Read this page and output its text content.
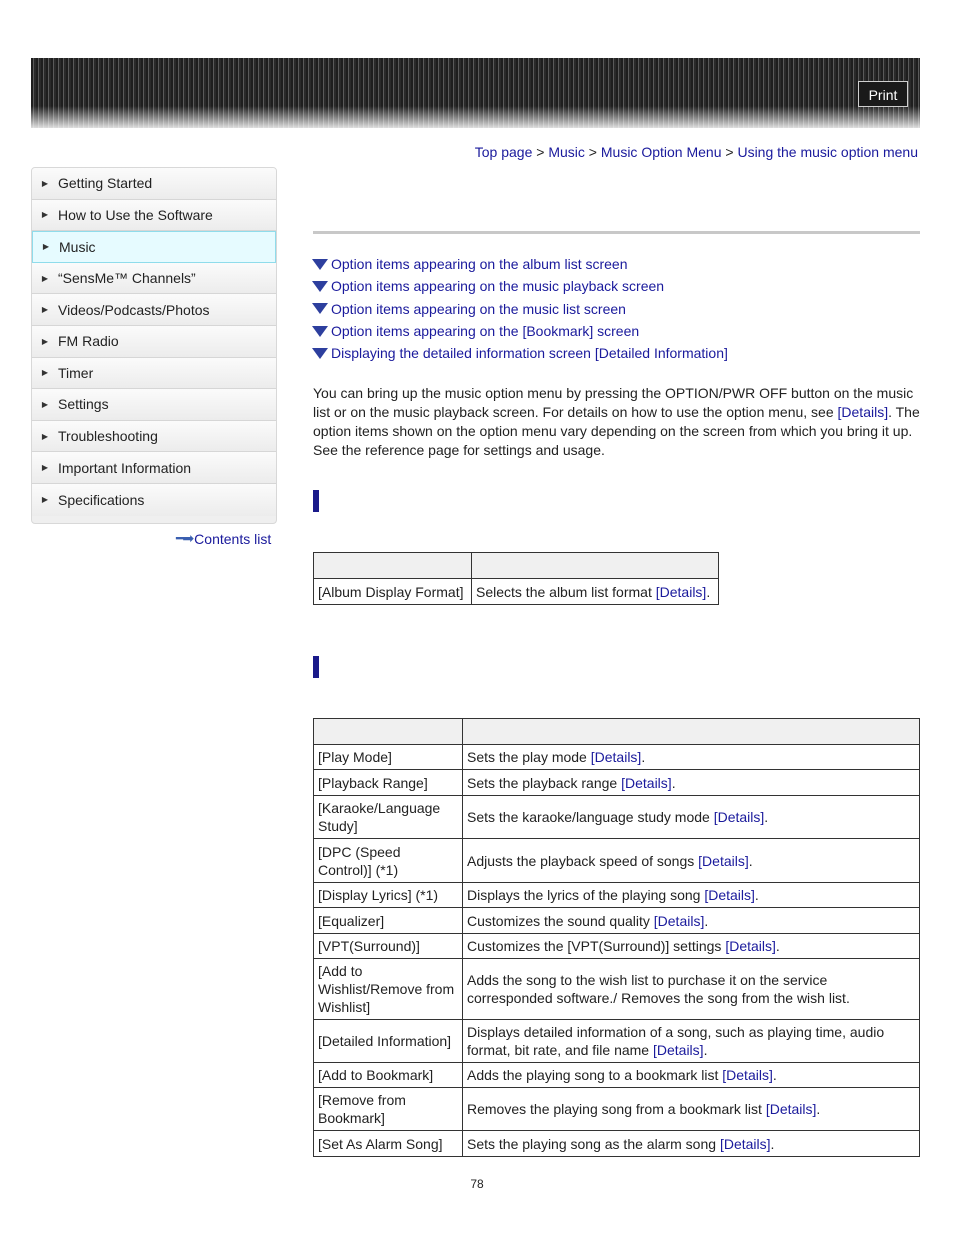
Print
▶ Getting Started
▶ How to Use the Software
▶ Music
▶ “SensMe™ Channels”
▶ Videos/Podcasts/Photos
▶ FM Radio
▶ Timer
▶ Settings
▶ Troubleshooting
▶ Important Information
▶ Specifications
━➡ Contents list
Top page > Music > Music Option Menu > Using the music option menu
Option items appearing on the album list screen
Option items appearing on the music playback screen
Option items appearing on the music list screen
Option items appearing on the [Bookmark] screen
Displaying the detailed information screen [Detailed Information]
You can bring up the music option menu by pressing the OPTION/PWR OFF button on the music list or on the music playback screen. For details on how to use the option menu, see [Details]. The option items shown on the option menu vary depending on the screen from which you bring it up. See the reference page for settings and usage.

[Album Display Format]	Selects the album list format [Details].

[Play Mode]	Sets the play mode [Details].
[Playback Range]	Sets the playback range [Details].
[Karaoke/Language Study]	Sets the karaoke/language study mode [Details].
[DPC (Speed Control)] (*1)	Adjusts the playback speed of songs [Details].
[Display Lyrics] (*1)	Displays the lyrics of the playing song [Details].
[Equalizer]	Customizes the sound quality [Details].
[VPT(Surround)]	Customizes the [VPT(Surround)] settings [Details].
[Add to Wishlist/Remove from Wishlist]	Adds the song to the wish list to purchase it on the service corresponded software./ Removes the song from the wish list.
[Detailed Information]	Displays detailed information of a song, such as playing time, audio format, bit rate, and file name [Details].
[Add to Bookmark]	Adds the playing song to a bookmark list [Details].
[Remove from Bookmark]	Removes the playing song from a bookmark list [Details].
[Set As Alarm Song]	Sets the playing song as the alarm song [Details].
78
